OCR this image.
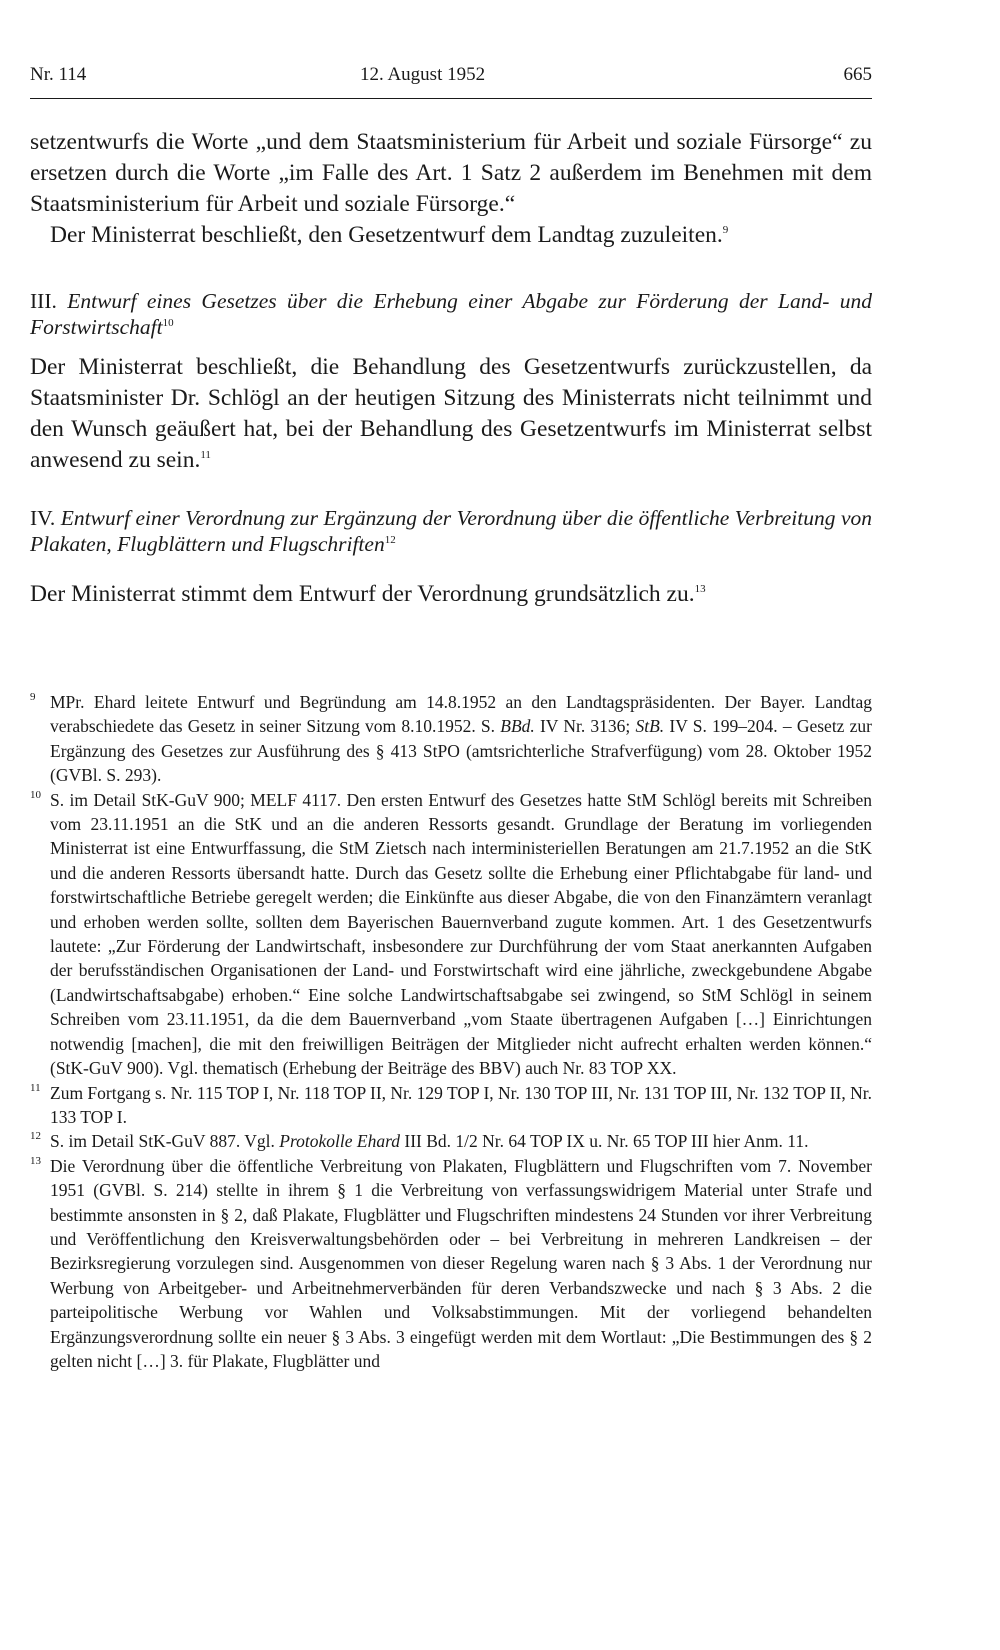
Nr. 114	12. August 1952	665

setzentwurfs die Worte „und dem Staatsministerium für Arbeit und soziale Fürsorge“ zu ersetzen durch die Worte „im Falle des Art. 1 Satz 2 außerdem im Benehmen mit dem Staatsministerium für Arbeit und soziale Fürsorge.“

Der Ministerrat beschließt, den Gesetzentwurf dem Landtag zuzuleiten.$^9$

III. Entwurf eines Gesetzes über die Erhebung einer Abgabe zur Förderung der Land- und Forstwirtschaft$^{10}$

Der Ministerrat beschließt, die Behandlung des Gesetzentwurfs zurückzustellen, da Staatsminister Dr. Schlögl an der heutigen Sitzung des Ministerrats nicht teilnimmt und den Wunsch geäußert hat, bei der Behandlung des Gesetzentwurfs im Ministerrat selbst anwesend zu sein.$^{11}$

IV. Entwurf einer Verordnung zur Ergänzung der Verordnung über die öffentliche Verbreitung von Plakaten, Flugblättern und Flugschriften$^{12}$

Der Ministerrat stimmt dem Entwurf der Verordnung grundsätzlich zu.$^{13}$

9 MPr. Ehard leitete Entwurf und Begründung am 14.8.1952 an den Landtagspräsidenten. Der Bayer. Landtag verabschiedete das Gesetz in seiner Sitzung vom 8.10.1952. S. BBd. IV Nr. 3136; StB. IV S. 199–204. – Gesetz zur Ergänzung des Gesetzes zur Ausführung des § 413 StPO (amtsrichterliche Strafverfügung) vom 28. Oktober 1952 (GVBl. S. 293).
10 S. im Detail StK-GuV 900; MELF 4117. Den ersten Entwurf des Gesetzes hatte StM Schlögl bereits mit Schreiben vom 23.11.1951 an die StK und an die anderen Ressorts gesandt. Grundlage der Beratung im vorliegenden Ministerrat ist eine Entwurffassung, die StM Zietsch nach interministeriellen Beratungen am 21.7.1952 an die StK und die anderen Ressorts übersandt hatte. Durch das Gesetz sollte die Erhebung einer Pflichtabgabe für land- und forstwirtschaftliche Betriebe geregelt werden; die Einkünfte aus dieser Abgabe, die von den Finanzämtern veranlagt und erhoben werden sollte, sollten dem Bayerischen Bauernverband zugute kommen. Art. 1 des Gesetzentwurfs lautete: „Zur Förderung der Landwirtschaft, insbesondere zur Durchführung der vom Staat anerkannten Aufgaben der berufsständischen Organisationen der Land- und Forstwirtschaft wird eine jährliche, zweckgebundene Abgabe (Landwirtschaftsabgabe) erhoben.“ Eine solche Landwirtschaftsabgabe sei zwingend, so StM Schlögl in seinem Schreiben vom 23.11.1951, da die dem Bauernverband „vom Staate übertragenen Aufgaben […] Einrichtungen notwendig [machen], die mit den freiwilligen Beiträgen der Mitglieder nicht aufrecht erhalten werden können.“ (StK-GuV 900). Vgl. thematisch (Erhebung der Beiträge des BBV) auch Nr. 83 TOP XX.
11 Zum Fortgang s. Nr. 115 TOP I, Nr. 118 TOP II, Nr. 129 TOP I, Nr. 130 TOP III, Nr. 131 TOP III, Nr. 132 TOP II, Nr. 133 TOP I.
12 S. im Detail StK-GuV 887. Vgl. Protokolle Ehard III Bd. 1/2 Nr. 64 TOP IX u. Nr. 65 TOP III hier Anm. 11.
13 Die Verordnung über die öffentliche Verbreitung von Plakaten, Flugblättern und Flugschriften vom 7. November 1951 (GVBl. S. 214) stellte in ihrem § 1 die Verbreitung von verfassungswidrigem Material unter Strafe und bestimmte ansonsten in § 2, daß Plakate, Flugblätter und Flugschriften mindestens 24 Stunden vor ihrer Verbreitung und Veröffentlichung den Kreisverwaltungsbehörden oder – bei Verbreitung in mehreren Landkreisen – der Bezirksregierung vorzulegen sind. Ausgenommen von dieser Regelung waren nach § 3 Abs. 1 der Verordnung nur Werbung von Arbeitgeber- und Arbeitnehmerverbänden für deren Verbandszwecke und nach § 3 Abs. 2 die parteipolitische Werbung vor Wahlen und Volksabstimmungen. Mit der vorliegend behandelten Ergänzungsverordnung sollte ein neuer § 3 Abs. 3 eingefügt werden mit dem Wortlaut: „Die Bestimmungen des § 2 gelten nicht […] 3. für Plakate, Flugblätter und
